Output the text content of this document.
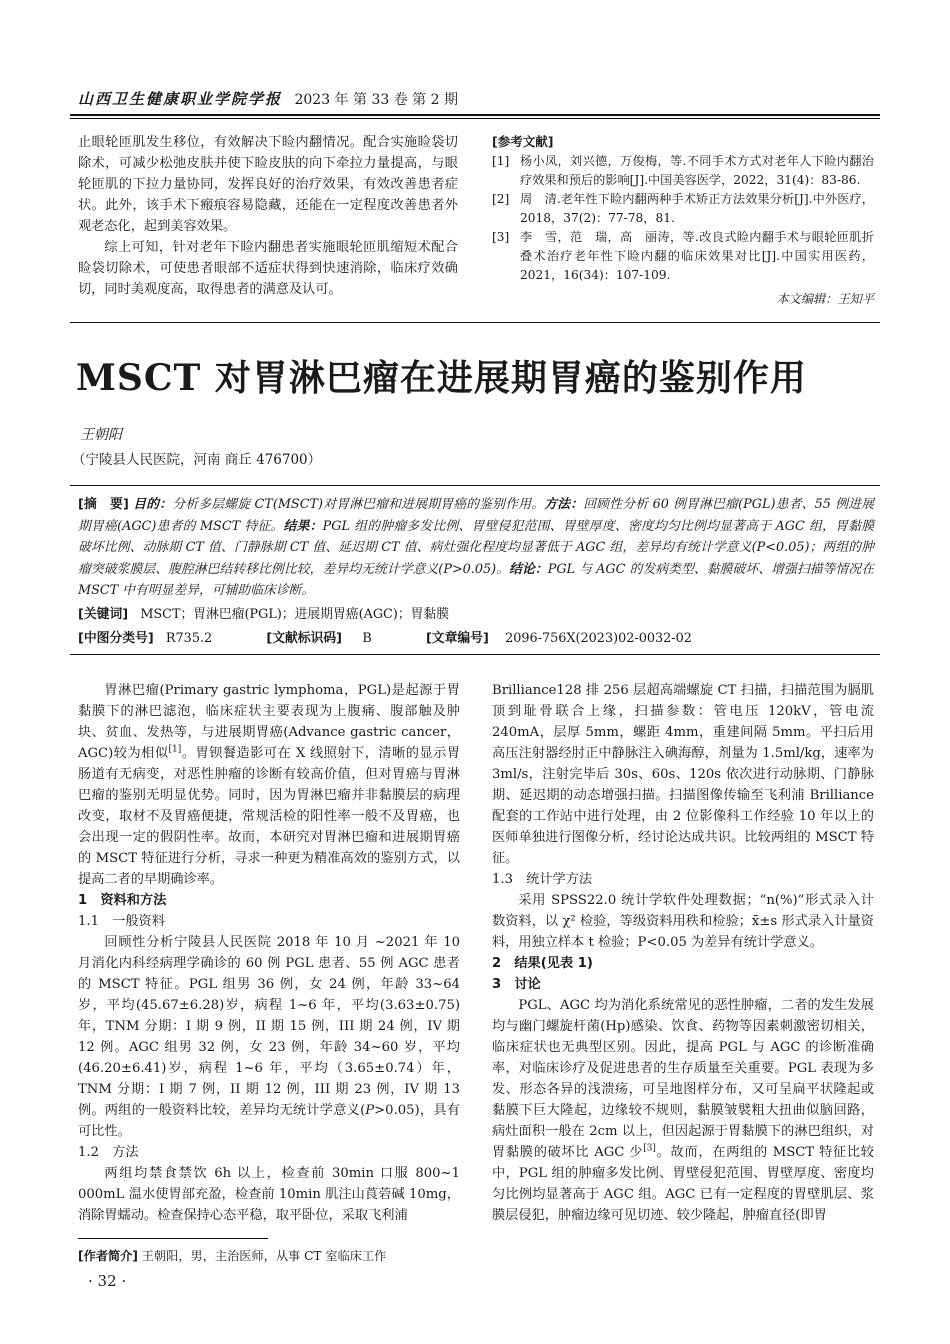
山西卫生健康职业学院学报 2023 年 第 33 卷 第 2 期

止眼轮匝肌发生移位，有效解决下睑内翻情况。配合实施睑袋切除术，可减少松弛皮肤并使下睑皮肤的向下牵拉力量提高，与眼轮匝肌的下拉力量协同，发挥良好的治疗效果，有效改善患者症状。此外，该手术下瘢痕容易隐藏，还能在一定程度改善患者外观老态化，起到美容效果。

综上可知，针对老年下睑内翻患者实施眼轮匝肌缩短术配合睑袋切除术，可使患者眼部不适症状得到快速消除，临床疗效确切，同时美观度高，取得患者的满意及认可。

[参考文献]
[1] 杨小凤，刘兴德，万俊梅，等.不同手术方式对老年人下睑内翻治疗效果和预后的影响[J].中国美容医学，2022，31(4)：83-86.
[2] 周　清.老年性下睑内翻两种手术矫正方法效果分析[J].中外医疗，2018，37(2)：77-78，81.
[3] 李　雪，范　瑞，高　丽涛，等.改良式睑内翻手术与眼轮匝肌折叠术治疗老年性下睑内翻的临床效果对比[J].中国实用医药，2021，16(34)：107-109.
本文编辑：王知平
MSCT 对胃淋巴瘤在进展期胃癌的鉴别作用
王朝阳
（宁陵县人民医院，河南 商丘 476700）
[摘　要] 目的：分析多层螺旋 CT(MSCT)对胃淋巴瘤和进展期胃癌的鉴别作用。方法：回顾性分析 60 例胃淋巴瘤(PGL)患者、55 例进展期胃癌(AGC)患者的 MSCT 特征。结果：PGL 组的肿瘤多发比例、胃壁侵犯范围、胃壁厚度、密度均匀比例均显著高于 AGC 组，胃黏膜破坏比例、动脉期 CT 值、门静脉期 CT 值、延迟期 CT 值、病灶强化程度均显著低于 AGC 组，差异均有统计学意义(P<0.05)；两组的肿瘤突破浆膜层、腹腔淋巴结转移比例比较，差异均无统计学意义(P>0.05)。结论：PGL 与 AGC 的发病类型、黏膜破坏、增强扫描等情况在 MSCT 中有明显差异，可辅助临床诊断。
[关键词] MSCT；胃淋巴瘤(PGL)；进展期胃癌(AGC)；胃黏膜
[中图分类号] R735.2	[文献标识码] B	[文章编号] 2096-756X(2023)02-0032-02

胃淋巴瘤(Primary gastric lymphoma，PGL)是起源于胃黏膜下的淋巴滤泡，临床症状主要表现为上腹痛、腹部触及肿块、贫血、发热等，与进展期胃癌(Advance gastric cancer，AGC)较为相似[1]。胃钡餐造影可在 X 线照射下，清晰的显示胃肠道有无病变，对恶性肿瘤的诊断有较高价值，但对胃癌与胃淋巴瘤的鉴别无明显优势。同时，因为胃淋巴瘤并非黏膜层的病理改变，取材不及胃癌便捷，常规活检的阳性率一般不及胃癌，也会出现一定的假阴性率。故而，本研究对胃淋巴瘤和进展期胃癌的 MSCT 特征进行分析，寻求一种更为精准高效的鉴别方式，以提高二者的早期确诊率。

1　资料和方法
1.1　一般资料

回顾性分析宁陵县人民医院 2018 年 10 月 ~2021 年 10 月消化内科经病理学确诊的 60 例 PGL 患者、55 例 AGC 患者的 MSCT 特征。PGL 组男 36 例，女 24 例，年龄 33~64 岁，平均(45.67±6.28)岁，病程 1~6 年，平均(3.63±0.75)年，TNM 分期：I 期 9 例，II 期 15 例，III 期 24 例，IV 期 12 例。AGC 组男 32 例，女 23 例，年龄 34~60 岁，平均(46.20±6.41)岁，病程 1~6 年，平均（3.65±0.74）年，TNM 分期：I 期 7 例，II 期 12 例，III 期 23 例，IV 期 13 例。两组的一般资料比较，差异均无统计学意义(P>0.05)，具有可比性。

1.2　方法

两组均禁食禁饮 6h 以上，检查前 30min 口服 800~1 000mL 温水使胃部充盈，检查前 10min 肌注山莨菪碱 10mg，消除胃蠕动。检查保持心态平稳，取平卧位，采取飞利浦

Brilliance128 排 256 层超高端螺旋 CT 扫描，扫描范围为膈肌顶到耻骨联合上缘，扫描参数：管电压 120kV，管电流 240mA，层厚 5mm，螺距 4mm，重建间隔 5mm。平扫后用高压注射器经肘正中静脉注入碘海醇，剂量为 1.5ml/kg，速率为 3ml/s，注射完毕后 30s、60s、120s 依次进行动脉期、门静脉期、延迟期的动态增强扫描。扫描图像传输至飞利浦 Brilliance　配套的工作站中进行处理，由 2 位影像科工作经验 10 年以上的医师单独进行图像分析，经讨论达成共识。比较两组的 MSCT 特征。

1.3　统计学方法

采用 SPSS22.0 统计学软件处理数据；“n(%)”形式录入计数资料，以 χ² 检验，等级资料用秩和检验；x̄±s 形式录入计量资料，用独立样本 t 检验；P<0.05 为差异有统计学意义。

2　结果(见表 1)
3　讨论

PGL、AGC 均为消化系统常见的恶性肿瘤，二者的发生发展均与幽门螺旋杆菌(Hp)感染、饮食、药物等因素刺激密切相关，临床症状也无典型区别。因此，提高 PGL 与 AGC 的诊断准确率，对临床诊疗及促进患者的生存质量至关重要。PGL 表现为多发、形态各异的浅溃疡，可呈地图样分布，又可呈扁平状隆起或黏膜下巨大隆起，边缘较不规则，黏膜皱襞粗大扭曲似脑回路，病灶面积一般在 2cm 以上，但因起源于胃黏膜下的淋巴组织，对胃黏膜的破坏比 AGC 少[3]。故而，在两组的 MSCT 特征比较中，PGL 组的肿瘤多发比例、胃壁侵犯范围、胃壁厚度、密度均匀比例均显著高于 AGC 组。AGC 已有一定程度的胃壁肌层、浆膜层侵犯，肿瘤边缘可见切迹、较少隆起，肿瘤直径(即胃

[作者简介] 王朝阳，男，主治医师，从事 CT 室临床工作
· 32 ·
